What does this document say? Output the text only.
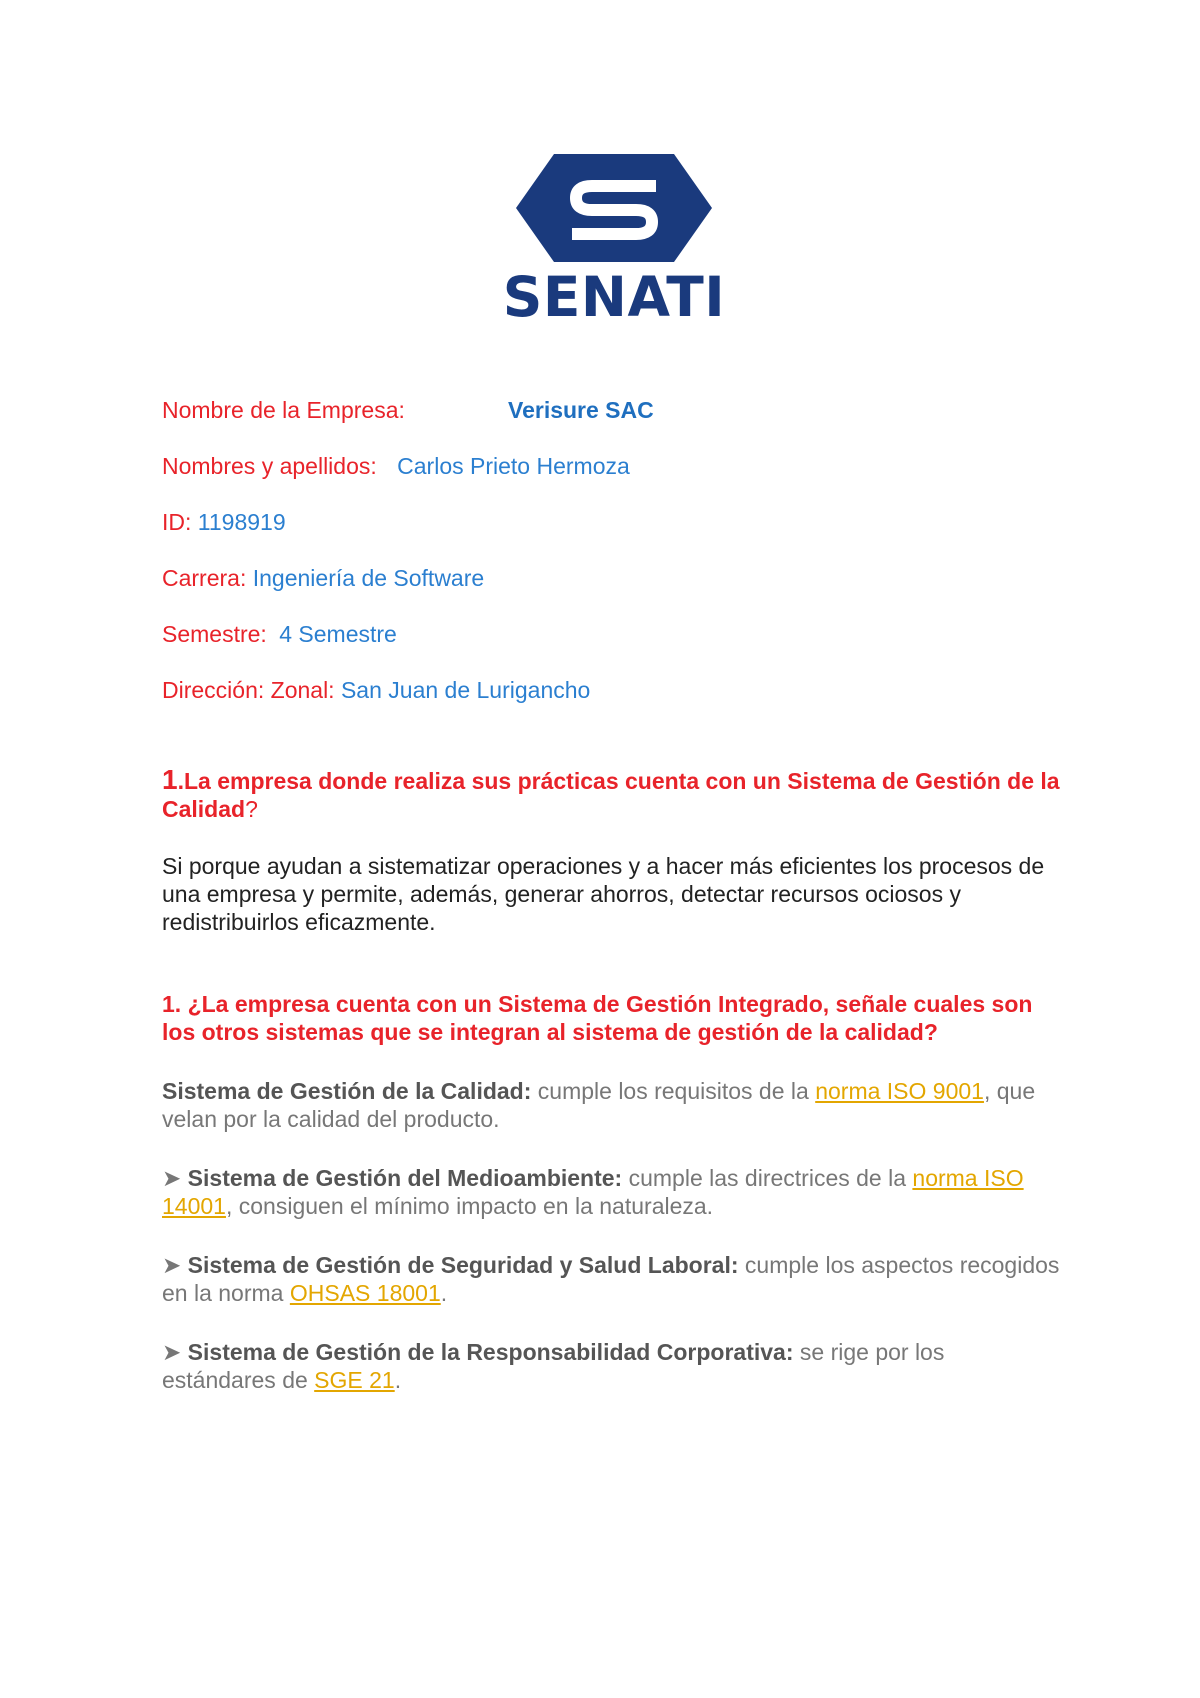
SENATI
Nombre de la Empresa:	Verisure SAC
Nombres y apellidos: Carlos Prieto Hermoza
ID: 1198919
Carrera: Ingeniería de Software
Semestre: 4 Semestre
Dirección: Zonal: San Juan de Lurigancho
1.La empresa donde realiza sus prácticas cuenta con un Sistema de Gestión de la Calidad?
Si porque ayudan a sistematizar operaciones y a hacer más eficientes los procesos de una empresa y permite, además, generar ahorros, detectar recursos ociosos y redistribuirlos eficazmente.
1. ¿La empresa cuenta con un Sistema de Gestión Integrado, señale cuales son los otros sistemas que se integran al sistema de gestión de la calidad?
Sistema de Gestión de la Calidad: cumple los requisitos de la norma ISO 9001, que velan por la calidad del producto.
➤ Sistema de Gestión del Medioambiente: cumple las directrices de la norma ISO 14001, consiguen el mínimo impacto en la naturaleza.
➤ Sistema de Gestión de Seguridad y Salud Laboral: cumple los aspectos recogidos en la norma OHSAS 18001.
➤ Sistema de Gestión de la Responsabilidad Corporativa: se rige por los estándares de SGE 21.
